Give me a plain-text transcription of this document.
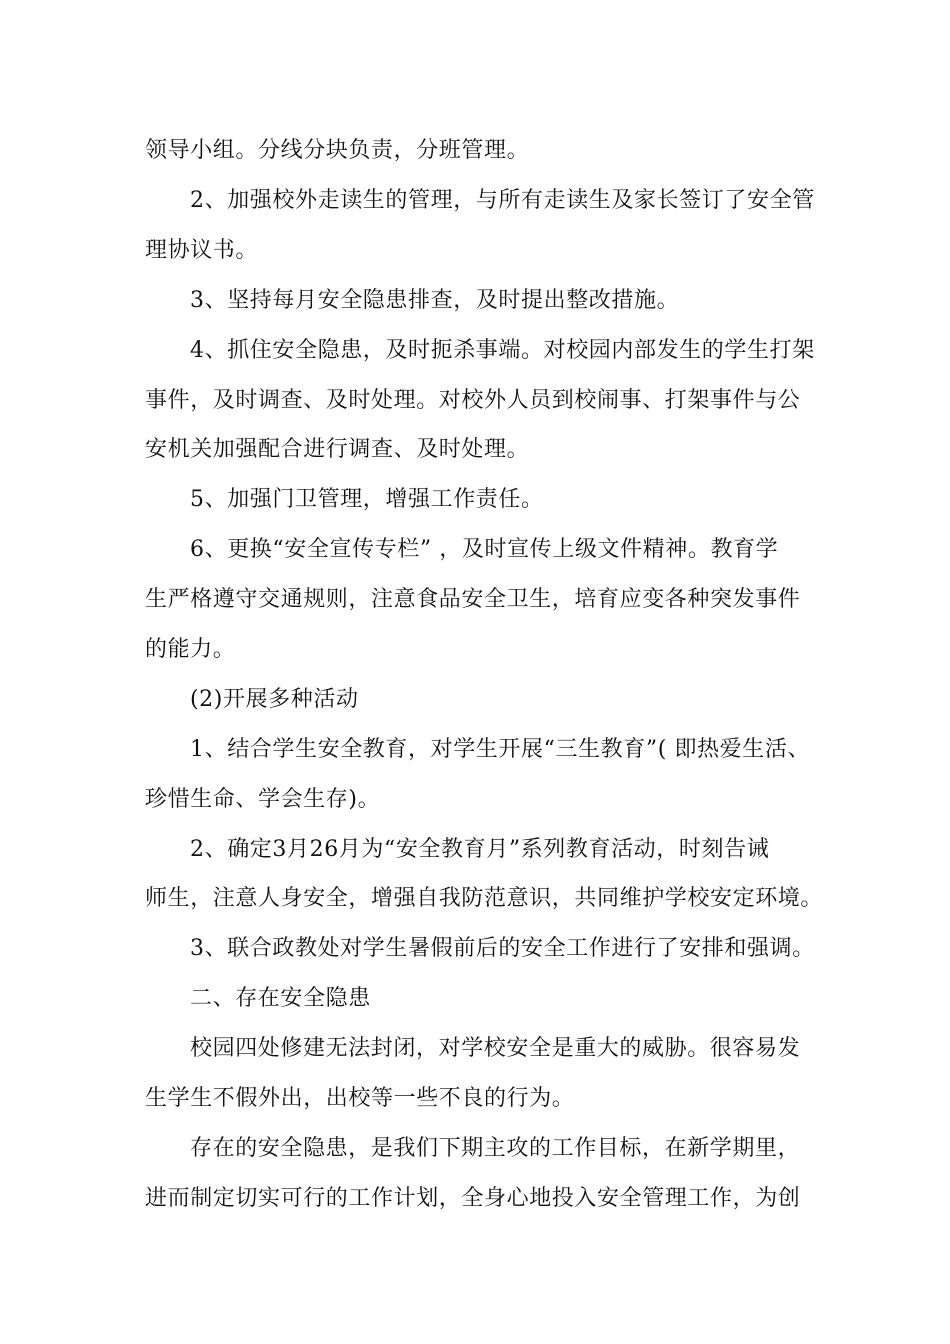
领导小组。分线分块负责，分班管理。
2、加强校外走读生的管理，与所有走读生及家长签订了安全管
理协议书。
3、坚持每月安全隐患排查，及时提出整改措施。
4、抓住安全隐患，及时扼杀事端。对校园内部发生的学生打架
事件，及时调查、及时处理。对校外人员到校闹事、打架事件与公
安机关加强配合进行调查、及时处理。
5、加强门卫管理，增强工作责任。
6、更换“安全宣传专栏” ，及时宣传上级文件精神。教育学
生严格遵守交通规则，注意食品安全卫生，培育应变各种突发事件
的能力。
(2)开展多种活动
1、结合学生安全教育，对学生开展“三生教育”( 即热爱生活、
珍惜生命、学会生存)。
2、确定3月26月为“安全教育月”系列教育活动，时刻告诫
师生，注意人身安全，增强自我防范意识，共同维护学校安定环境。
3、联合政教处对学生暑假前后的安全工作进行了安排和强调。
二、存在安全隐患
校园四处修建无法封闭，对学校安全是重大的威胁。很容易发
生学生不假外出，出校等一些不良的行为。
存在的安全隐患，是我们下期主攻的工作目标，在新学期里，
进而制定切实可行的工作计划，全身心地投入安全管理工作，为创
